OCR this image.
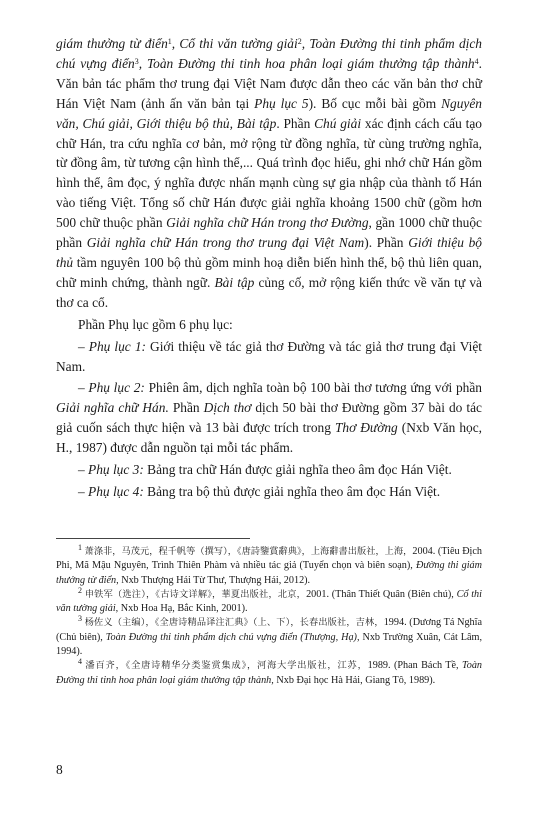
giám thưởng từ điển$^1$, Cổ thi văn tường giải$^2$, Toàn Đường thi tinh phẩm dịch chú vựng điển$^3$, Toàn Đường thi tinh hoa phân loại giám thưởng tập thành$^4$. Văn bản tác phẩm thơ trung đại Việt Nam được dẫn theo các văn bản thơ chữ Hán Việt Nam (ảnh ấn văn bản tại Phụ lục 5). Bố cục mỗi bài gồm Nguyên văn, Chú giải, Giới thiệu bộ thủ, Bài tập. Phần Chú giải xác định cách cấu tạo chữ Hán, tra cứu nghĩa cơ bản, mở rộng từ đồng nghĩa, từ cùng trường nghĩa, từ đồng âm, từ tương cận hình thể,... Quá trình đọc hiểu, ghi nhớ chữ Hán gồm hình thể, âm đọc, ý nghĩa được nhấn mạnh cùng sự gia nhập của thành tố Hán vào tiếng Việt. Tổng số chữ Hán được giải nghĩa khoảng 1500 chữ (gồm hơn 500 chữ thuộc phần Giải nghĩa chữ Hán trong thơ Đường, gần 1000 chữ thuộc phần Giải nghĩa chữ Hán trong thơ trung đại Việt Nam). Phần Giới thiệu bộ thủ tầm nguyên 100 bộ thủ gồm minh hoạ diễn biến hình thể, bộ thủ liên quan, chữ minh chứng, thành ngữ. Bài tập củng cố, mở rộng kiến thức về văn tự và thơ ca cổ.

Phần Phụ lục gồm 6 phụ lục:

– Phụ lục 1: Giới thiệu về tác giả thơ Đường và tác giả thơ trung đại Việt Nam.

– Phụ lục 2: Phiên âm, dịch nghĩa toàn bộ 100 bài thơ tương ứng với phần Giải nghĩa chữ Hán. Phần Dịch thơ dịch 50 bài thơ Đường gồm 37 bài do tác giả cuốn sách thực hiện và 13 bài được trích trong Thơ Đường (Nxb Văn học, H., 1987) được dẫn nguồn tại mỗi tác phẩm.

– Phụ lục 3: Bảng tra chữ Hán được giải nghĩa theo âm đọc Hán Việt.

– Phụ lục 4: Bảng tra bộ thủ được giải nghĩa theo âm đọc Hán Việt.

$^1$ 萧涤非，马茂元，程千帆等（撰写），《唐詩鑒賞辭典》，上海辭書出版社，上海，2004. (Tiêu Địch Phi, Mã Mậu Nguyên, Trình Thiên Phàm và nhiều tác giả (Tuyển chọn và biên soạn), Đường thi giám thưởng từ điển, Nxb Thượng Hải Từ Thư, Thượng Hải, 2012).

$^2$ 申铁军（选注），《古诗文详解》，華夏出版社，北京，2001. (Thân Thiết Quân (Biên chú), Cổ thi văn tường giải, Nxb Hoa Hạ, Bắc Kinh, 2001).

$^3$ 杨佐义（主编），《全唐诗精品译注汇典》（上、下），长春出版社，吉林，1994. (Dương Tá Nghĩa (Chủ biên), Toàn Đường thi tinh phẩm dịch chú vựng điển (Thượng, Hạ), Nxb Trường Xuân, Cát Lâm, 1994).

$^4$ 潘百齐，《全唐诗精华分类鉴赏集成》，河海大学出版社，江苏，1989. (Phan Bách Tề, Toàn Đường thi tinh hoa phân loại giám thưởng tập thành, Nxb Đại học Hà Hải, Giang Tô, 1989).

8
